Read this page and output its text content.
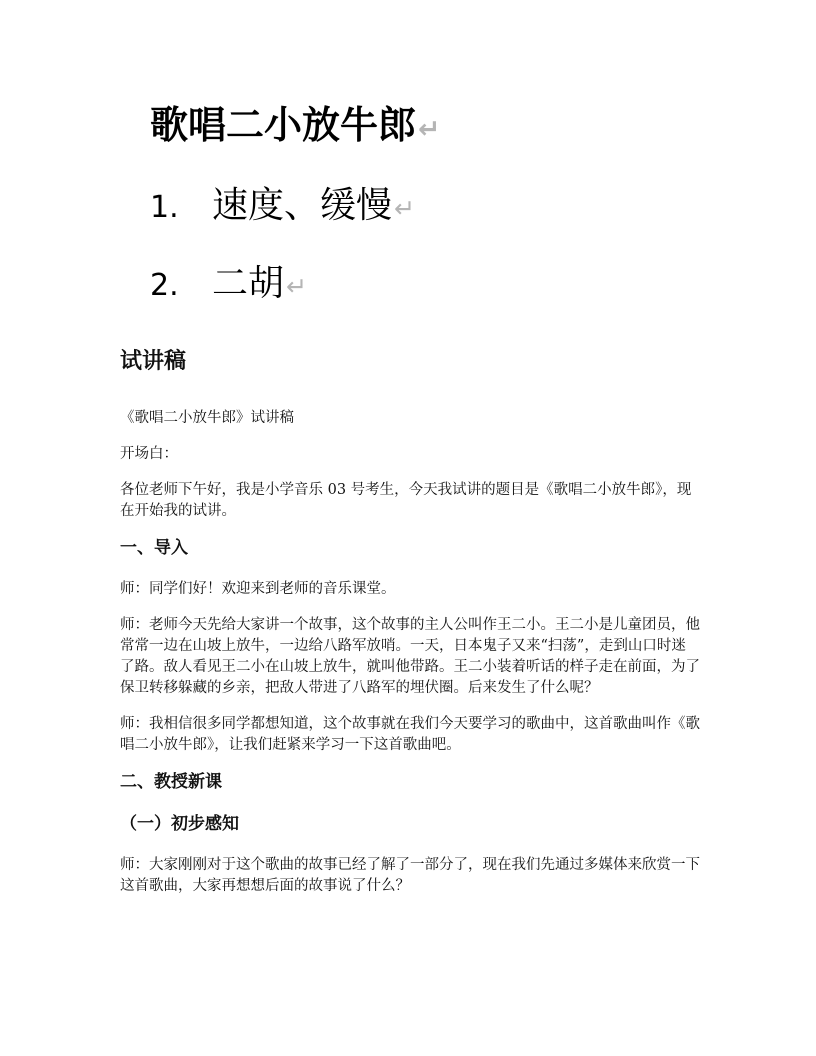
歌唱二小放牛郎↵
1. 速度、缓慢↵
2. 二胡↵
试讲稿

《歌唱二小放牛郎》试讲稿

开场白：

各位老师下午好，我是小学音乐 03 号考生，今天我试讲的题目是《歌唱二小放牛郎》，现在开始我的试讲。

一、导入

师：同学们好！欢迎来到老师的音乐课堂。

师：老师今天先给大家讲一个故事，这个故事的主人公叫作王二小。王二小是儿童团员，他常常一边在山坡上放牛，一边给八路军放哨。一天，日本鬼子又来“扫荡”，走到山口时迷了路。敌人看见王二小在山坡上放牛，就叫他带路。王二小装着听话的样子走在前面，为了保卫转移躲藏的乡亲，把敌人带进了八路军的埋伏圈。后来发生了什么呢？

师：我相信很多同学都想知道，这个故事就在我们今天要学习的歌曲中，这首歌曲叫作《歌唱二小放牛郎》，让我们赶紧来学习一下这首歌曲吧。

二、教授新课
（一）初步感知

师：大家刚刚对于这个歌曲的故事已经了解了一部分了，现在我们先通过多媒体来欣赏一下这首歌曲，大家再想想后面的故事说了什么？
